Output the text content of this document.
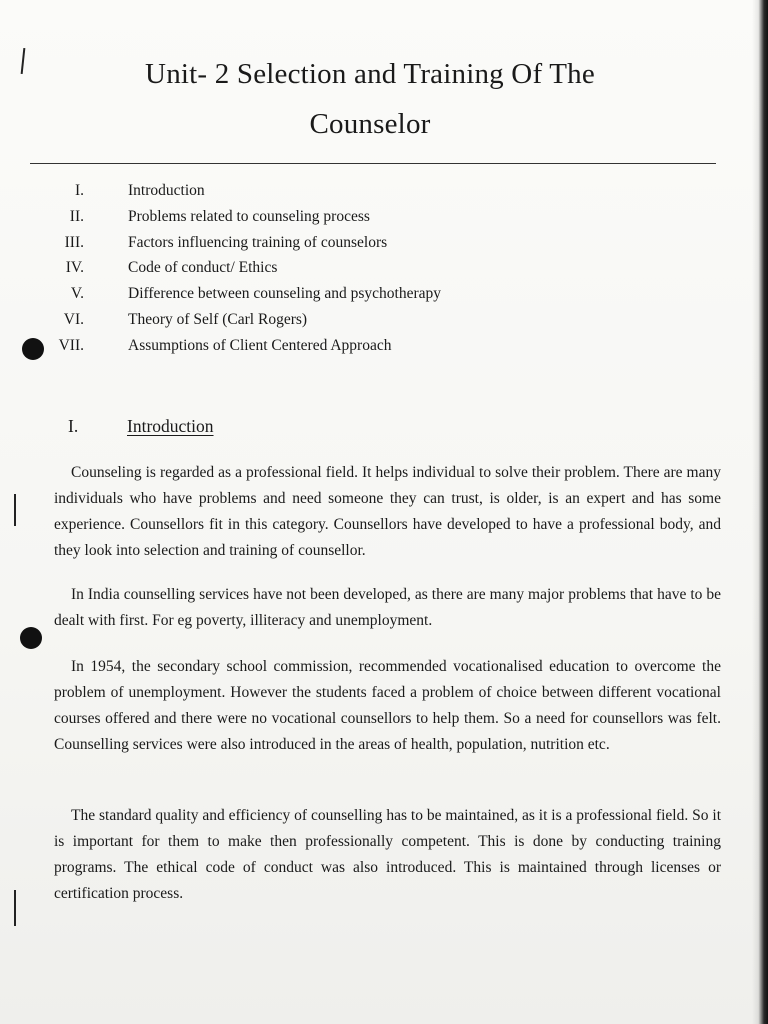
Unit- 2 Selection and Training Of The
Counselor
I.	Introduction
II.	Problems related to counseling process
III.	Factors influencing training of counselors
IV.	Code of conduct/ Ethics
V.	Difference between counseling and psychotherapy
VI.	Theory of Self (Carl Rogers)
VII.	Assumptions of Client Centered Approach
I.	Introduction

Counseling is regarded as a professional field. It helps individual to solve their problem. There are many individuals who have problems and need someone they can trust, is older, is an expert and has some experience. Counsellors fit in this category. Counsellors have developed to have a professional body, and they look into selection and training of counsellor.

In India counselling services have not been developed, as there are many major problems that have to be dealt with first. For eg poverty, illiteracy and unemployment.

In 1954, the secondary school commission, recommended vocationalised education to overcome the problem of unemployment. However the students faced a problem of choice between different vocational courses offered and there were no vocational counsellors to help them. So a need for counsellors was felt. Counselling services were also introduced in the areas of health, population, nutrition etc.

The standard quality and efficiency of counselling has to be maintained, as it is a professional field. So it is important for them to make then professionally competent. This is done by conducting training programs. The ethical code of conduct was also introduced. This is maintained through licenses or certification process.
